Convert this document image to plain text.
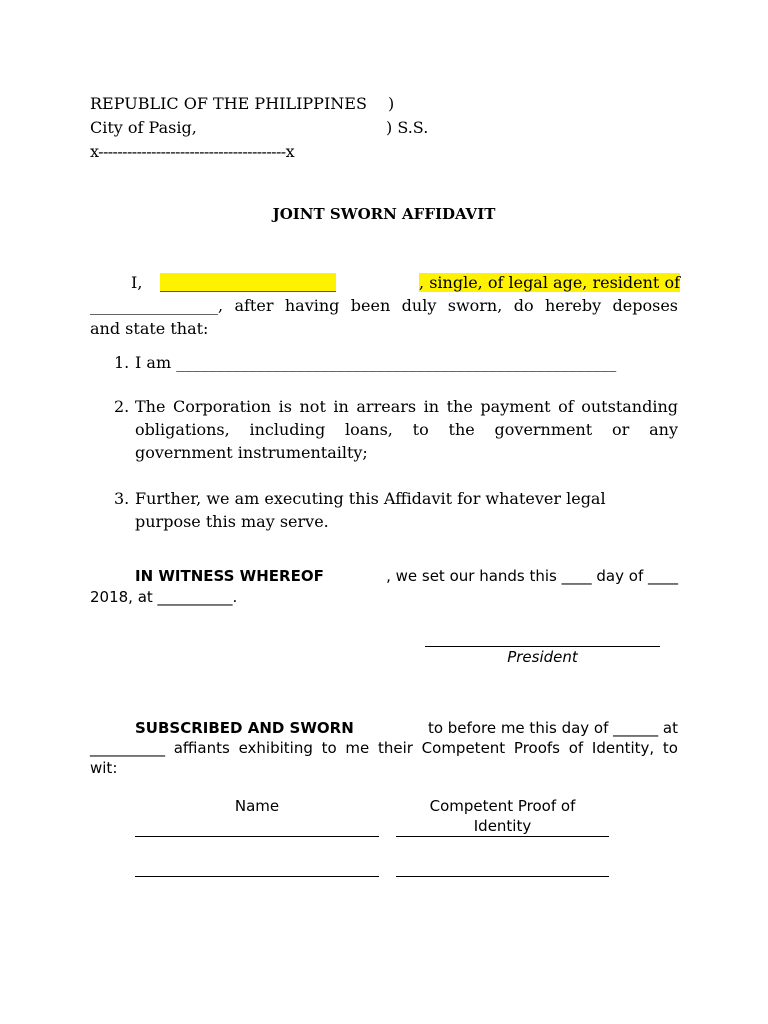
REPUBLIC OF THE PHILIPPINES )
City of Pasig,	) S.S.
x---------------------------------------x
JOINT SWORN AFFIDAVIT

I,

______________________

	, single, of legal age, resident of

________________, after having been duly sworn, do hereby deposes
and state that:
1. I am _______________________________________________________
2. The Corporation is not in arrears in the payment of outstanding
obligations, including loans, to the government or any
government instrumentailty;
3. Further, we am executing this Affidavit for whatever legal
purpose this may serve.

IN WITNESS WHEREOF

	, we set our hands this ____ day of ____

2018, at __________.
President

SUBSCRIBED AND SWORN

	to before me this day of ______ at

__________ affiants exhibiting to me their Competent Proofs of Identity, to
wit:
Name	Competent Proof of
Identity
